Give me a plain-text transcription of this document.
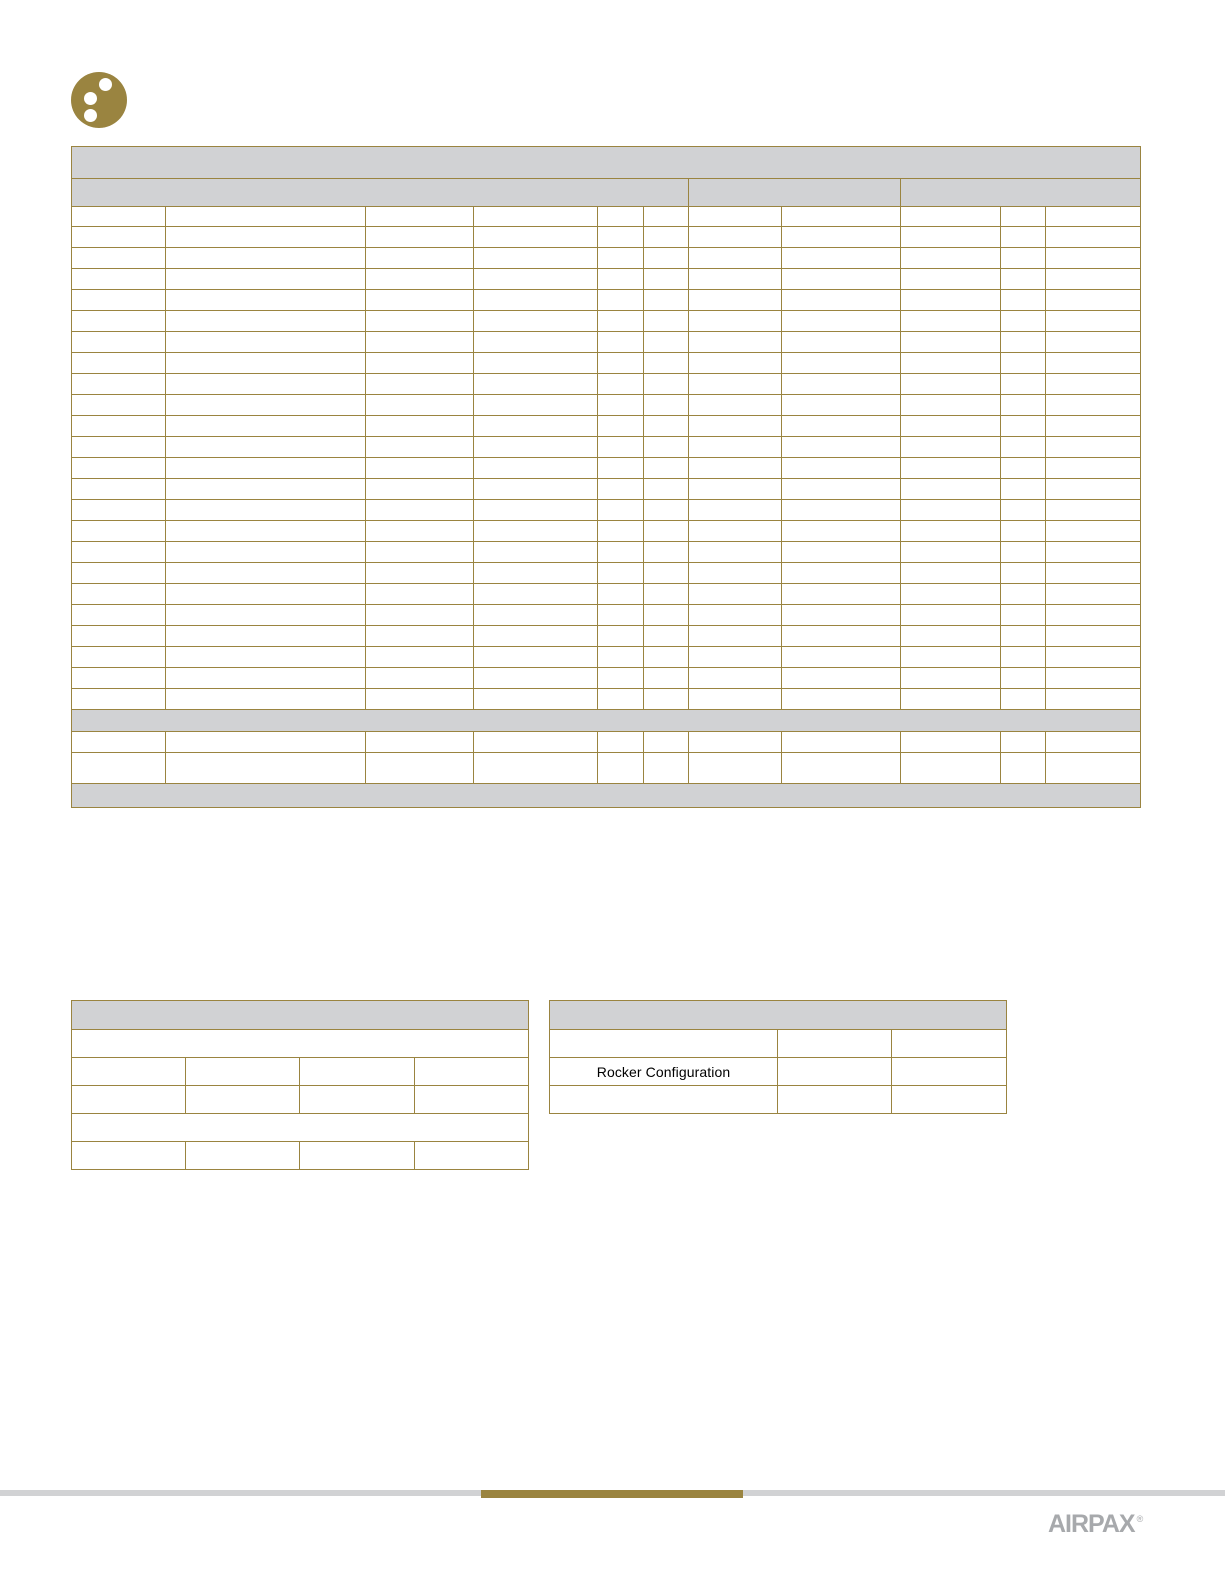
Rocker Configuration		

AIRPAX ®
